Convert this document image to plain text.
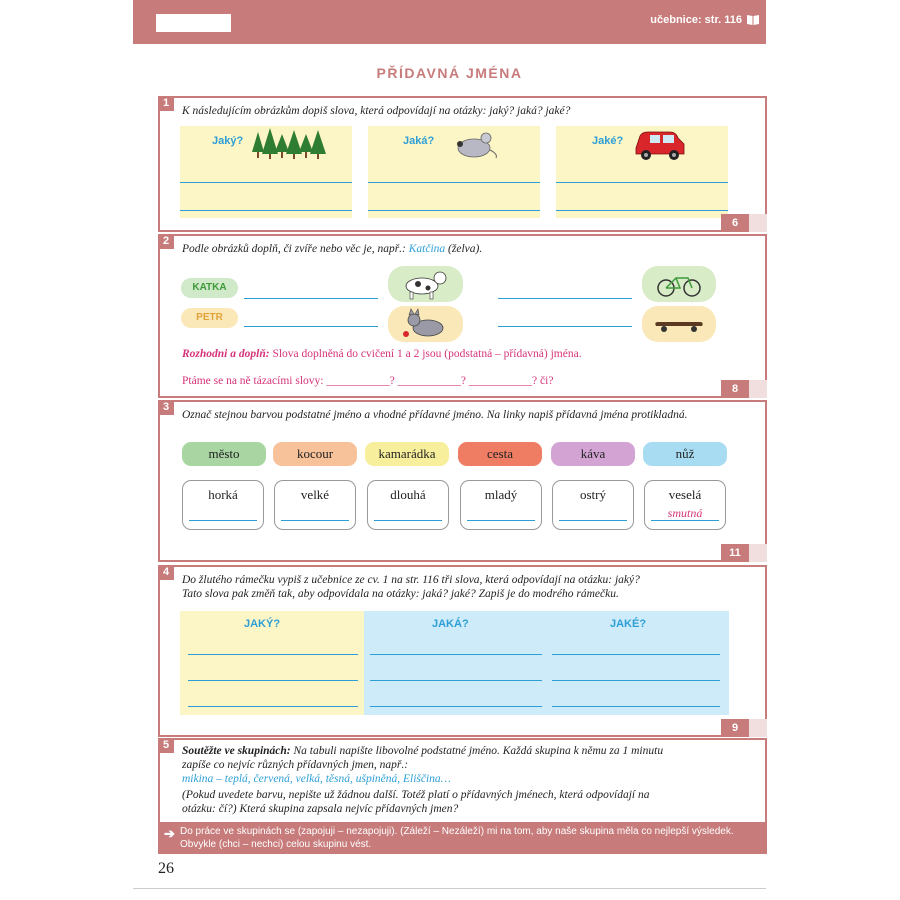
učebnice: str. 116
PŘÍDAVNÁ JMÉNA
1
K následujícím obrázkům dopiš slova, která odpovídají na otázky: jaký? jaká? jaké?
Jaký?	Jaká?	Jaké?
6
2
Podle obrázků doplň, či zvíře nebo věc je, např.: Katčina (želva).
KATKA
PETR
Rozhodni a doplň: Slova doplněná do cvičení 1 a 2 jsou (podstatná – přídavná) jména.
Ptáme se na ně tázacími slovy: ___________? ___________? ___________? či?
8
3
Označ stejnou barvou podstatné jméno a vhodné přídavné jméno. Na linky napiš přídavná jména protikladná.
město	kocour	kamarádka	cesta	káva	nůž
horká	velké	dlouhá	mladý	ostrý	veselá
smutná
11
4
Do žlutého rámečku vypiš z učebnice ze cv. 1 na str. 116 tři slova, která odpovídají na otázku: jaký?
Tato slova pak změň tak, aby odpovídala na otázky: jaká? jaké? Zapiš je do modrého rámečku.
JAKÝ?	JAKÁ?	JAKÉ?
9
5	Soutěžte ve skupinách: Na tabuli napište libovolné podstatné jméno. Každá skupina k němu za 1 minutu
zapíše co nejvíc různých přídavných jmen, např.:
mikina – teplá, červená, velká, těsná, ušpiněná, Eliščina…
(Pokud uvedete barvu, nepište už žádnou další. Totéž platí o přídavných jménech, která odpovídají na
otázku: čí?) Která skupina zapsala nejvíc přídavných jmen?
➔ Do práce ve skupinách se (zapojuji – nezapojuji). (Záleží – Nezáleží) mi na tom, aby naše skupina měla co nejlepší výsledek. Obvykle (chci – nechci) celou skupinu vést.
26
